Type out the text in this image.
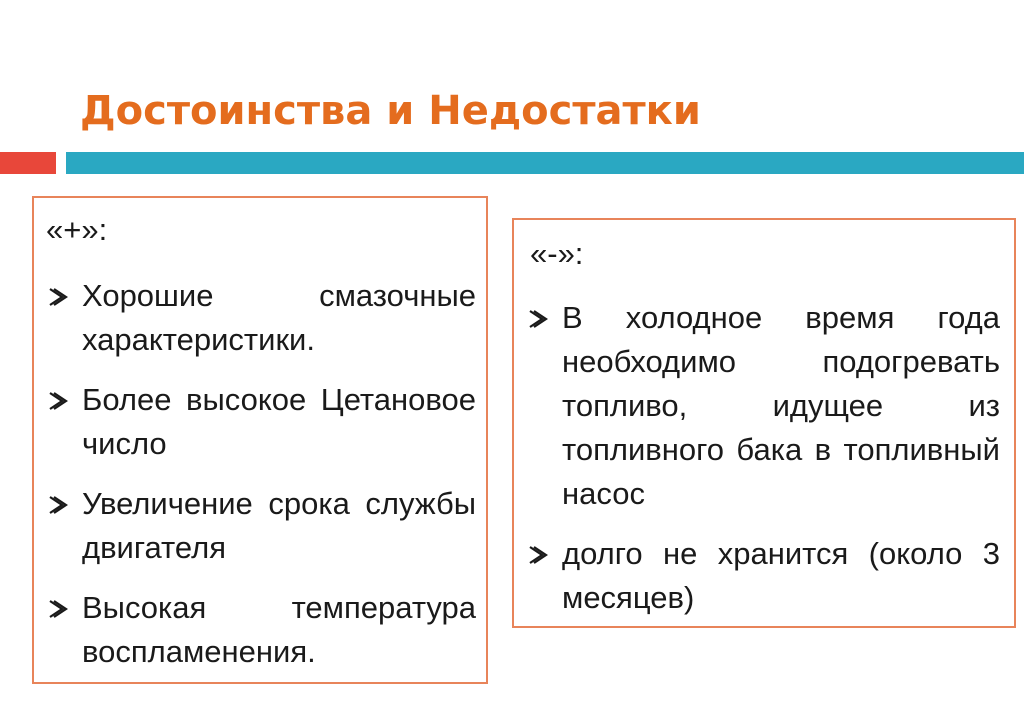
Достоинства и Недостатки
«+»:
Хорошие смазочные характеристики.
Более высокое Цетановое число
Увеличение срока службы двигателя
Высокая температура воспламенения.
«-»:
В холодное время года необходимо подогревать топливо, идущее из топливного бака в топливный насос
долго не хранится (около 3 месяцев)
